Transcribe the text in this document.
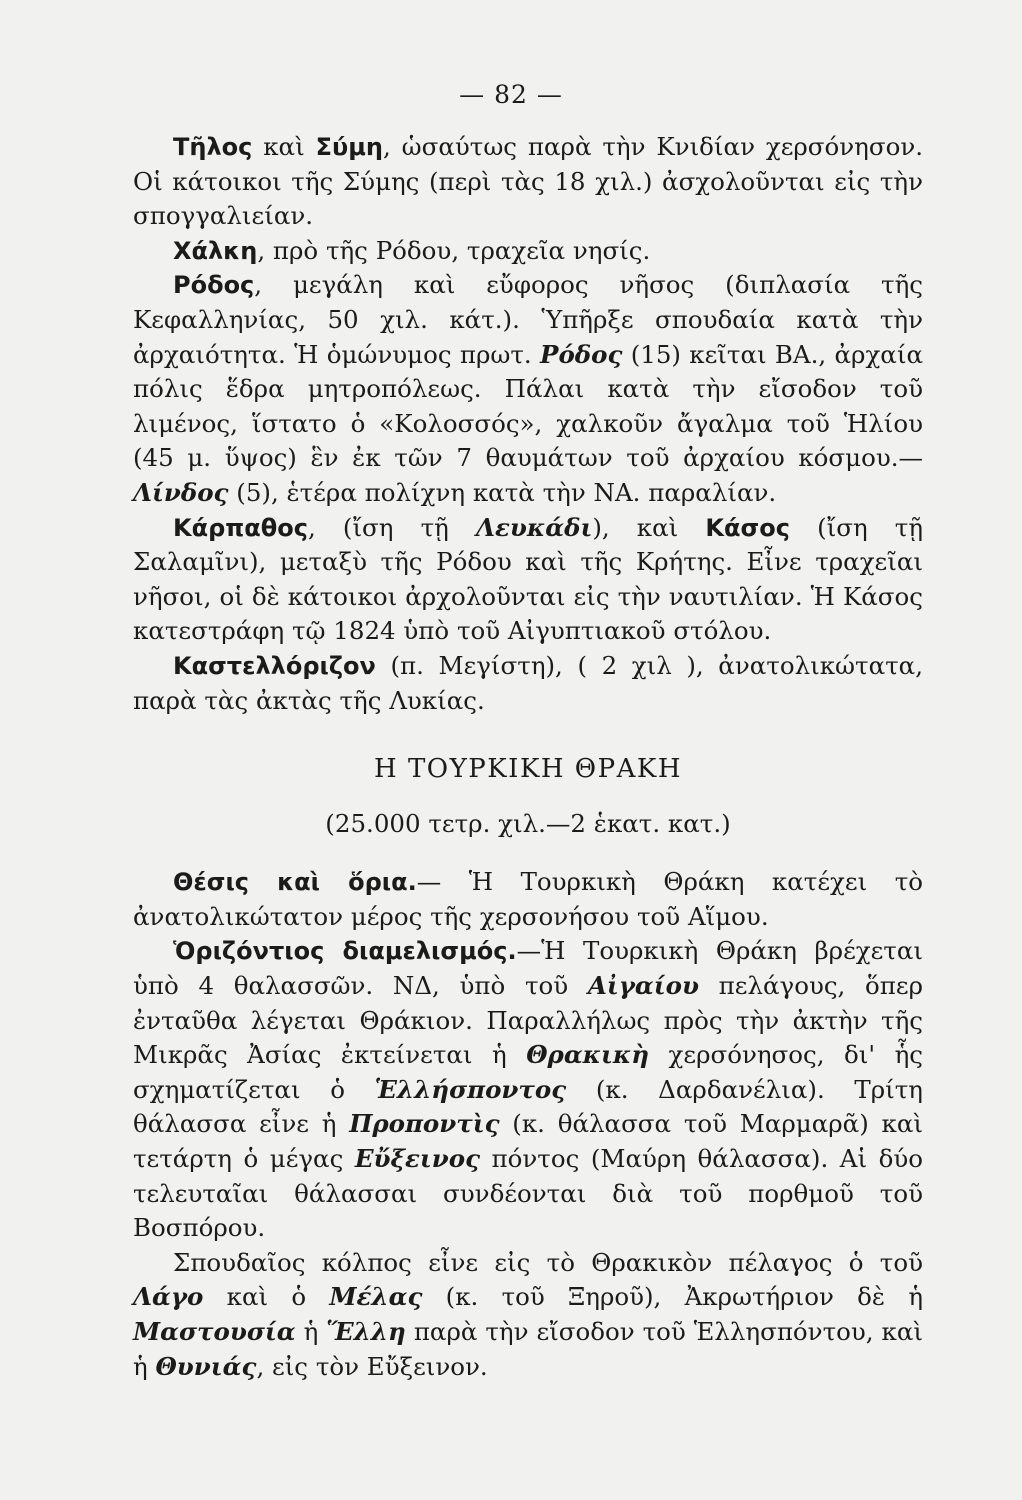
— 82 —

Τῆλος καὶ Σύμη, ὡσαύτως παρὰ τὴν Κνιδίαν χερσόνησον. Οἱ κάτοικοι τῆς Σύμης (περὶ τὰς 18 χιλ.) ἀσχολοῦνται εἰς τὴν σπογγαλιείαν.

Χάλκη, πρὸ τῆς Ρόδου, τραχεῖα νησίς.

Ρόδος, μεγάλη καὶ εὔφορος νῆσος (διπλασία τῆς Κεφαλληνίας, 50 χιλ. κάτ.). Ὑπῆρξε σπουδαία κατὰ τὴν ἀρχαιότητα. Ἡ ὁμώνυμος πρωτ. Ρόδος (15) κεῖται ΒΑ., ἀρχαία πόλις ἕδρα μητροπόλεως. Πάλαι κατὰ τὴν εἴσοδον τοῦ λιμένος, ἵστατο ὁ «Κολοσσός», χαλκοῦν ἄγαλμα τοῦ Ἡλίου (45 μ. ὕψος) ἓν ἐκ τῶν 7 θαυμάτων τοῦ ἀρχαίου κόσμου.—Λίνδος (5), ἑτέρα πολίχνη κατὰ τὴν ΝΑ. παραλίαν.

Κάρπαθος, (ἴση τῇ Λευκάδι), καὶ Κάσος (ἴση τῇ Σαλαμῖνι), μεταξὺ τῆς Ρόδου καὶ τῆς Κρήτης. Εἶνε τραχεῖαι νῆσοι, οἱ δὲ κάτοικοι ἀρχολοῦνται εἰς τὴν ναυτιλίαν. Ἡ Κάσος κατεστράφη τῷ 1824 ὑπὸ τοῦ Αἰγυπτιακοῦ στόλου.

Καστελλόριζον (π. Μεγίστη), ( 2 χιλ ), ἀνατολικώτατα, παρὰ τὰς ἀκτὰς τῆς Λυκίας.

Η ΤΟΥΡΚΙΚΗ ΘΡΑΚΗ

(25.000 τετρ. χιλ.—2 ἑκατ. κατ.)

Θέσις καὶ ὅρια.— Ἡ Τουρκικὴ Θράκη κατέχει τὸ ἀνατολικώτατον μέρος τῆς χερσονήσου τοῦ Αἵμου.

Ὁριζόντιος διαμελισμός.—Ἡ Τουρκικὴ Θράκη βρέχεται ὑπὸ 4 θαλασσῶν. ΝΔ, ὑπὸ τοῦ Αἰγαίου πελάγους, ὅπερ ἐνταῦθα λέγεται Θράκιον. Παραλλήλως πρὸς τὴν ἀκτὴν τῆς Μικρᾶς Ἀσίας ἐκτείνεται ἡ Θρακικὴ χερσόνησος, δι' ἧς σχηματίζεται ὁ Ἑλλήσποντος (κ. Δαρδανέλια). Τρίτη θάλασσα εἶνε ἡ Προποντὶς (κ. θάλασσα τοῦ Μαρμαρᾶ) καὶ τετάρτη ὁ μέγας Εὔξεινος πόντος (Μαύρη θάλασσα). Αἱ δύο τελευταῖαι θάλασσαι συνδέονται διὰ τοῦ πορθμοῦ τοῦ Βοσπόρου.

Σπουδαῖος κόλπος εἶνε εἰς τὸ Θρακικὸν πέλαγος ὁ τοῦ Λάγο καὶ ὁ Μέλας (κ. τοῦ Ξηροῦ), Ἀκρωτήριον δὲ ἡ Μαστουσία ἡ Ἕλλη παρὰ τὴν εἴσοδον τοῦ Ἑλλησπόντου, καὶ ἡ Θυνιάς, εἰς τὸν Εὔξεινον.
